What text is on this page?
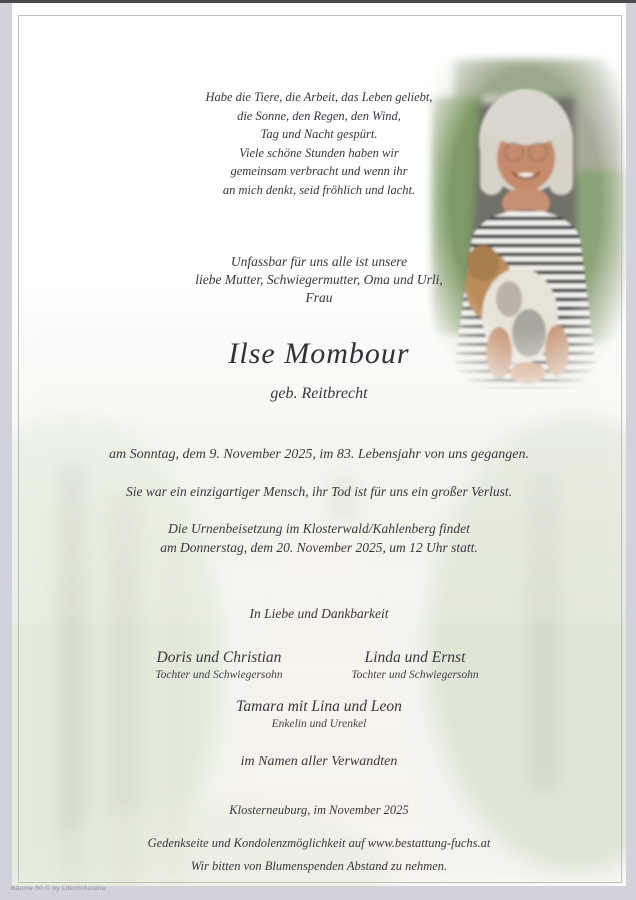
Habe die Tiere, die Arbeit, das Leben geliebt,
die Sonne, den Regen, den Wind,
Tag und Nacht gespürt.
Viele schöne Stunden haben wir
gemeinsam verbracht und wenn ihr
an mich denkt, seid fröhlich und lacht.
Unfassbar für uns alle ist unsere
liebe Mutter, Schwiegermutter, Oma und Urli,
Frau
Ilse Mombour
geb. Reitbrecht
am Sonntag, dem 9. November 2025, im 83. Lebensjahr von uns gegangen.
Sie war ein einzigartiger Mensch, ihr Tod ist für uns ein großer Verlust.
Die Urnenbeisetzung im Klosterwald/Kahlenberg findet
am Donnerstag, dem 20. November 2025, um 12 Uhr statt.
In Liebe und Dankbarkeit
Doris und Christian
Tochter und Schwiegersohn
Linda und Ernst
Tochter und Schwiegersohn
Tamara mit Lina und Leon
Enkelin und Urenkel
im Namen aller Verwandten
Klosterneuburg, im November 2025
Gedenkseite und Kondolenzmöglichkeit auf www.bestattung-fuchs.at
Wir bitten von Blumenspenden Abstand zu nehmen.
Bäume 50 © by Litech/Austria
